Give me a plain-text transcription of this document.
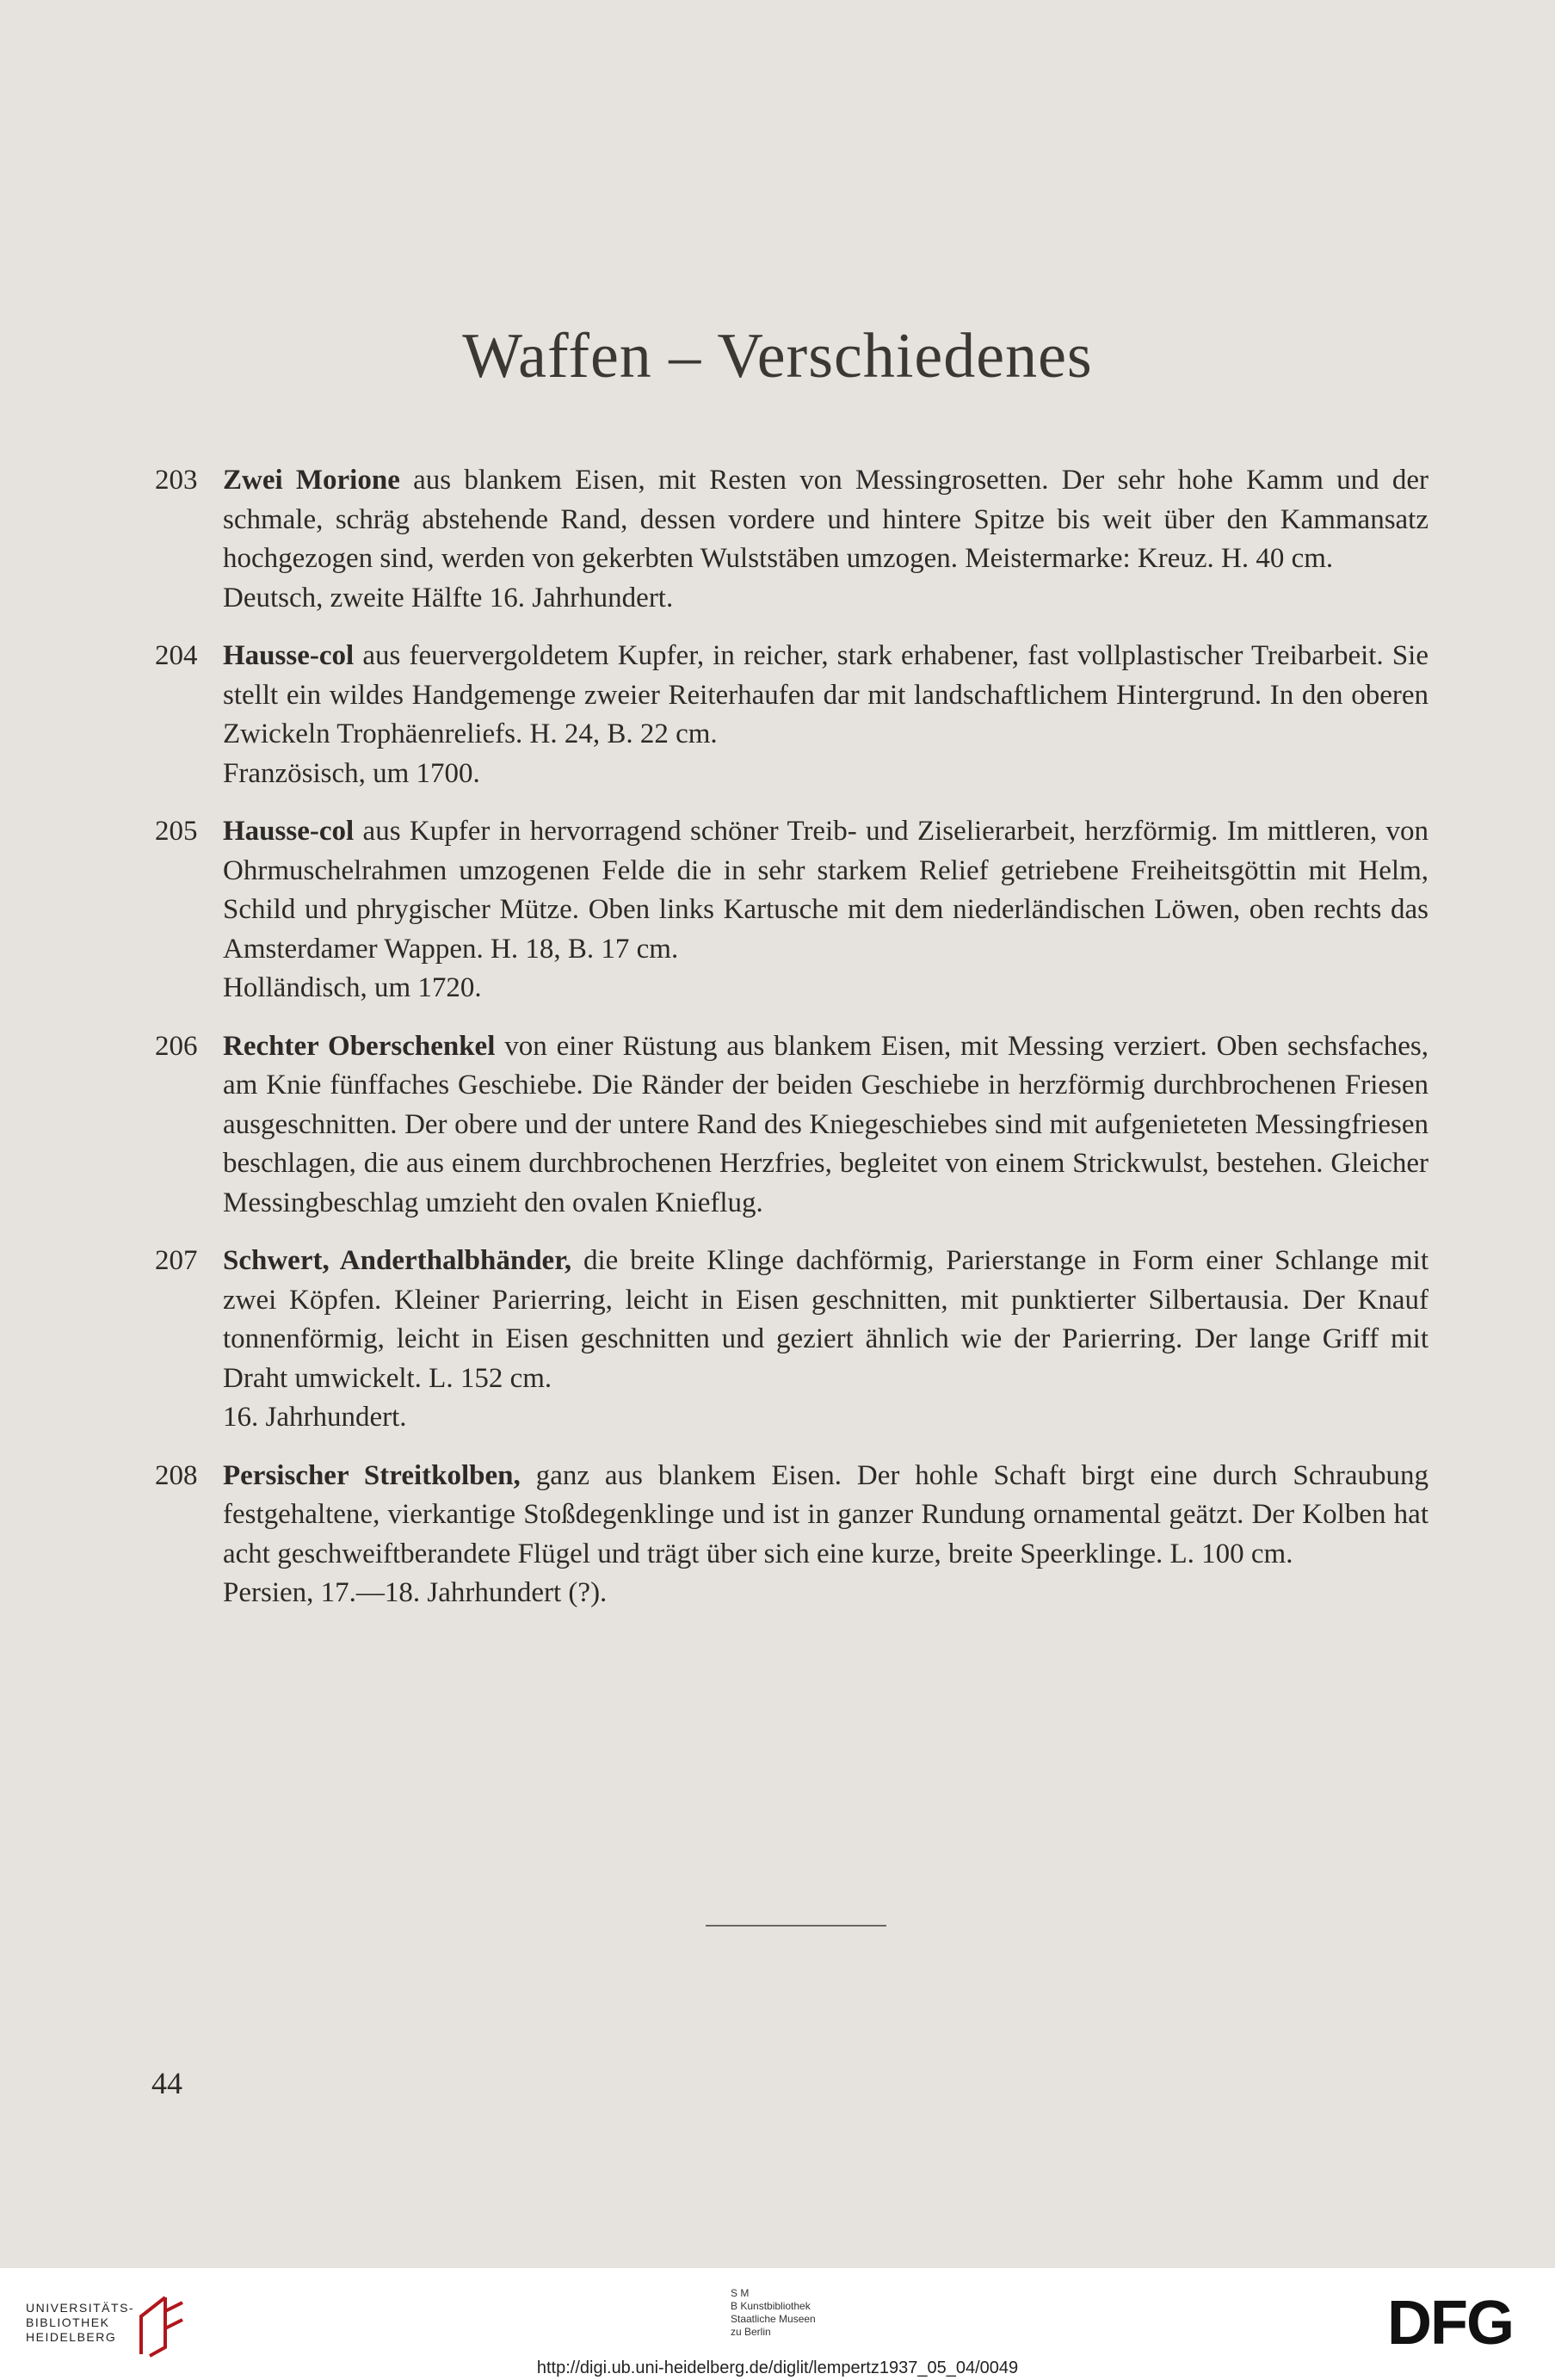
Waffen – Verschiedenes
203 Zwei Morione aus blankem Eisen, mit Resten von Messingrosetten. Der sehr hohe Kamm und der schmale, schräg abstehende Rand, dessen vordere und hintere Spitze bis weit über den Kammansatz hochgezogen sind, werden von gekerbten Wulststäben umzogen. Meistermarke: Kreuz. H. 40 cm.
Deutsch, zweite Hälfte 16. Jahrhundert.
204 Hausse-col aus feuervergoldetem Kupfer, in reicher, stark erhabener, fast vollplastischer Treibarbeit. Sie stellt ein wildes Handgemenge zweier Reiterhaufen dar mit landschaftlichem Hintergrund. In den oberen Zwickeln Trophäenreliefs. H. 24, B. 22 cm.
Französisch, um 1700.
205 Hausse-col aus Kupfer in hervorragend schöner Treib- und Ziselierarbeit, herzförmig. Im mittleren, von Ohrmuschelrahmen umzogenen Felde die in sehr starkem Relief getriebene Freiheitsgöttin mit Helm, Schild und phrygischer Mütze. Oben links Kartusche mit dem niederländischen Löwen, oben rechts das Amsterdamer Wappen. H. 18, B. 17 cm.
Holländisch, um 1720.
206 Rechter Oberschenkel von einer Rüstung aus blankem Eisen, mit Messing verziert. Oben sechsfaches, am Knie fünffaches Geschiebe. Die Ränder der beiden Geschiebe in herzförmig durchbrochenen Friesen ausgeschnitten. Der obere und der untere Rand des Kniegeschiebes sind mit aufgenieteten Messingfriesen beschlagen, die aus einem durchbrochenen Herzfries, begleitet von einem Strickwulst, bestehen. Gleicher Messingbeschlag umzieht den ovalen Knieflug.
207 Schwert, Anderthalbhänder, die breite Klinge dachförmig, Parierstange in Form einer Schlange mit zwei Köpfen. Kleiner Parierring, leicht in Eisen geschnitten, mit punktierter Silbertausia. Der Knauf tonnenförmig, leicht in Eisen geschnitten und geziert ähnlich wie der Parierring. Der lange Griff mit Draht umwickelt. L. 152 cm.
16. Jahrhundert.
208 Persischer Streitkolben, ganz aus blankem Eisen. Der hohle Schaft birgt eine durch Schraubung festgehaltene, vierkantige Stoßdegenklinge und ist in ganzer Rundung ornamental geätzt. Der Kolben hat acht geschweiftberandete Flügel und trägt über sich eine kurze, breite Speerklinge. L. 100 cm.
Persien, 17.—18. Jahrhundert (?).
44
UNIVERSITÄTS-
BIBLIOTHEK
HEIDELBERG
S M
B Kunstbibliothek
Staatliche Museen
zu Berlin	DFG
http://digi.ub.uni-heidelberg.de/diglit/lempertz1937_05_04/0049
